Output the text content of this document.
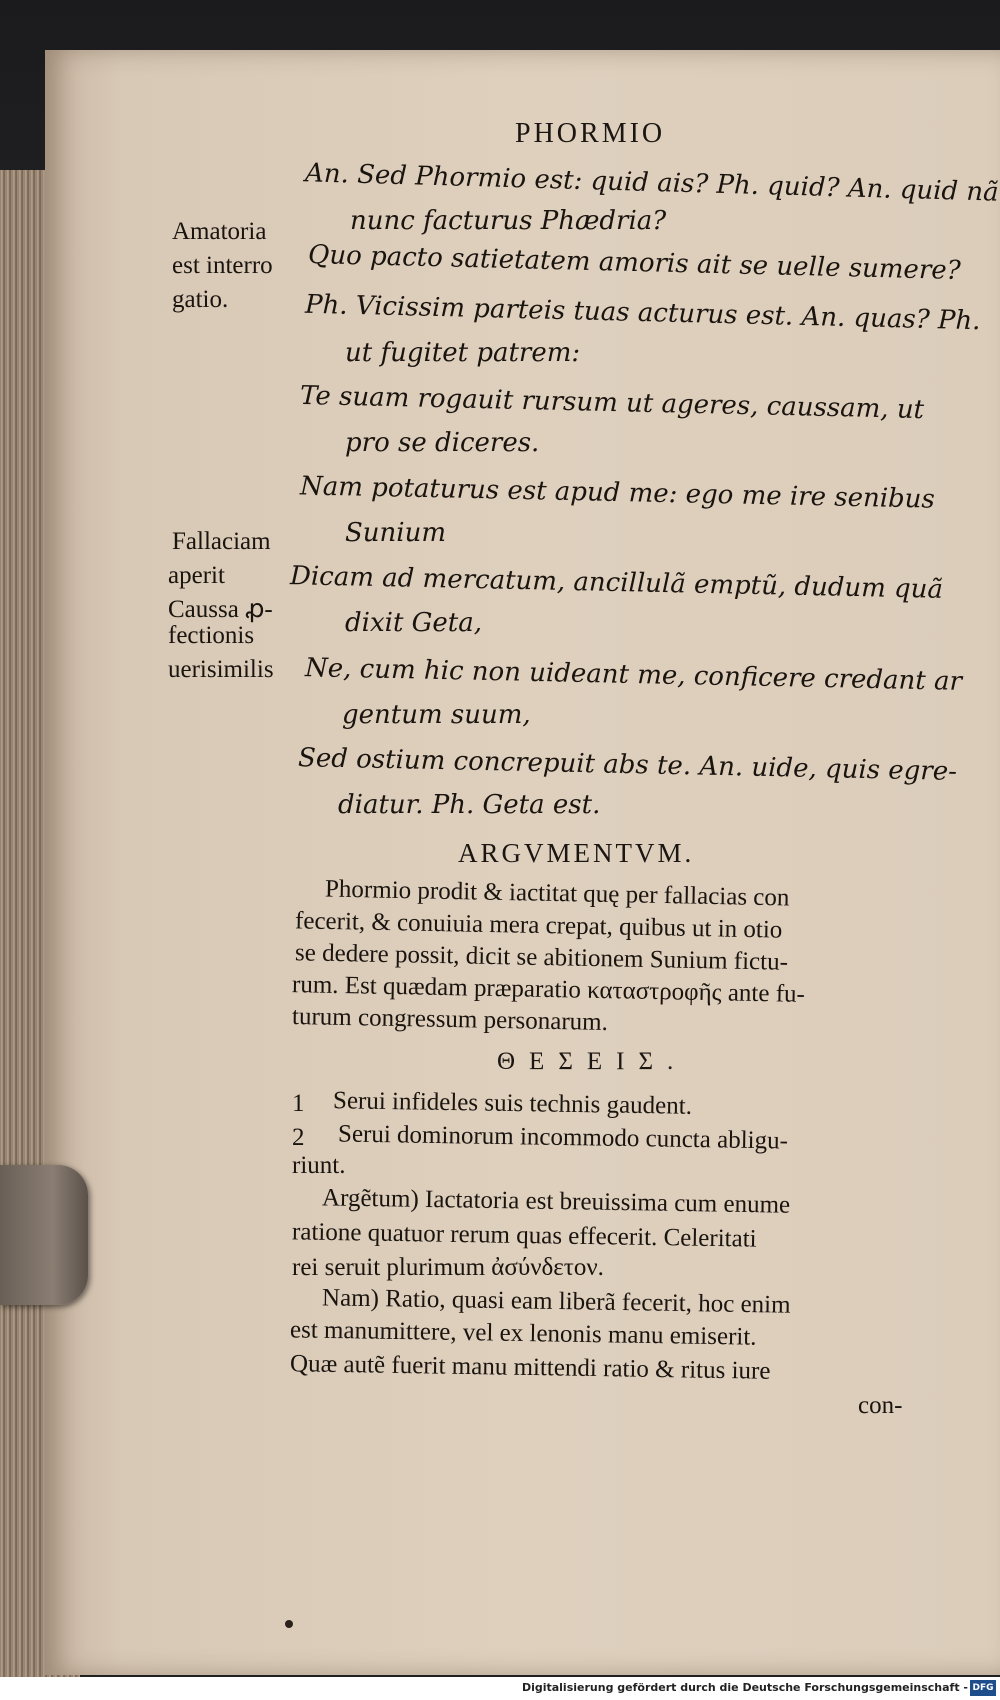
PHORMIO
An. Sed Phormio est: quid ais? Ph. quid? An. quid nã
nunc facturus Phædria?
Quo pacto satietatem amoris ait se uelle sumere?
Ph. Vicissim parteis tuas acturus est. An. quas? Ph.
ut fugitet patrem:
Te suam rogauit rursum ut ageres, caussam, ut
pro se diceres.
Nam potaturus est apud me: ego me ire senibus
Sunium
Dicam ad mercatum, ancillulã emptũ, dudum quã
dixit Geta,
Ne, cum hic non uideant me, conficere credant ar
gentum suum,
Sed ostium concrepuit abs te. An. uide, quis egre-
diatur. Ph. Geta est.
Amatoria
est interro
gatio.
Fallaciam
aperit
Caussa ꝓ-
fectionis
uerisimilis
ARGVMENTVM.
Phormio prodit & iactitat quę per fallacias con
fecerit, & conuiuia mera crepat, quibus ut in otio
se dedere possit, dicit se abitionem Sunium fictu-
rum. Est quædam præparatio καταστροφῆς ante fu-
turum congressum personarum.
ΘΕΣΕΙΣ.
1 Serui infideles suis technis gaudent.
2 Serui dominorum incommodo cuncta abligu-
riunt.
Argẽtum) Iactatoria est breuissima cum enume
ratione quatuor rerum quas effecerit. Celeritati
rei seruit plurimum ἀσύνδετον.
Nam) Ratio, quasi eam liberã fecerit, hoc enim
est manumittere, vel ex lenonis manu emiserit.
Quæ autẽ fuerit manu mittendi ratio & ritus iure
con-
Digitalisierung gefördert durch die Deutsche Forschungsgemeinschaft - DFG
